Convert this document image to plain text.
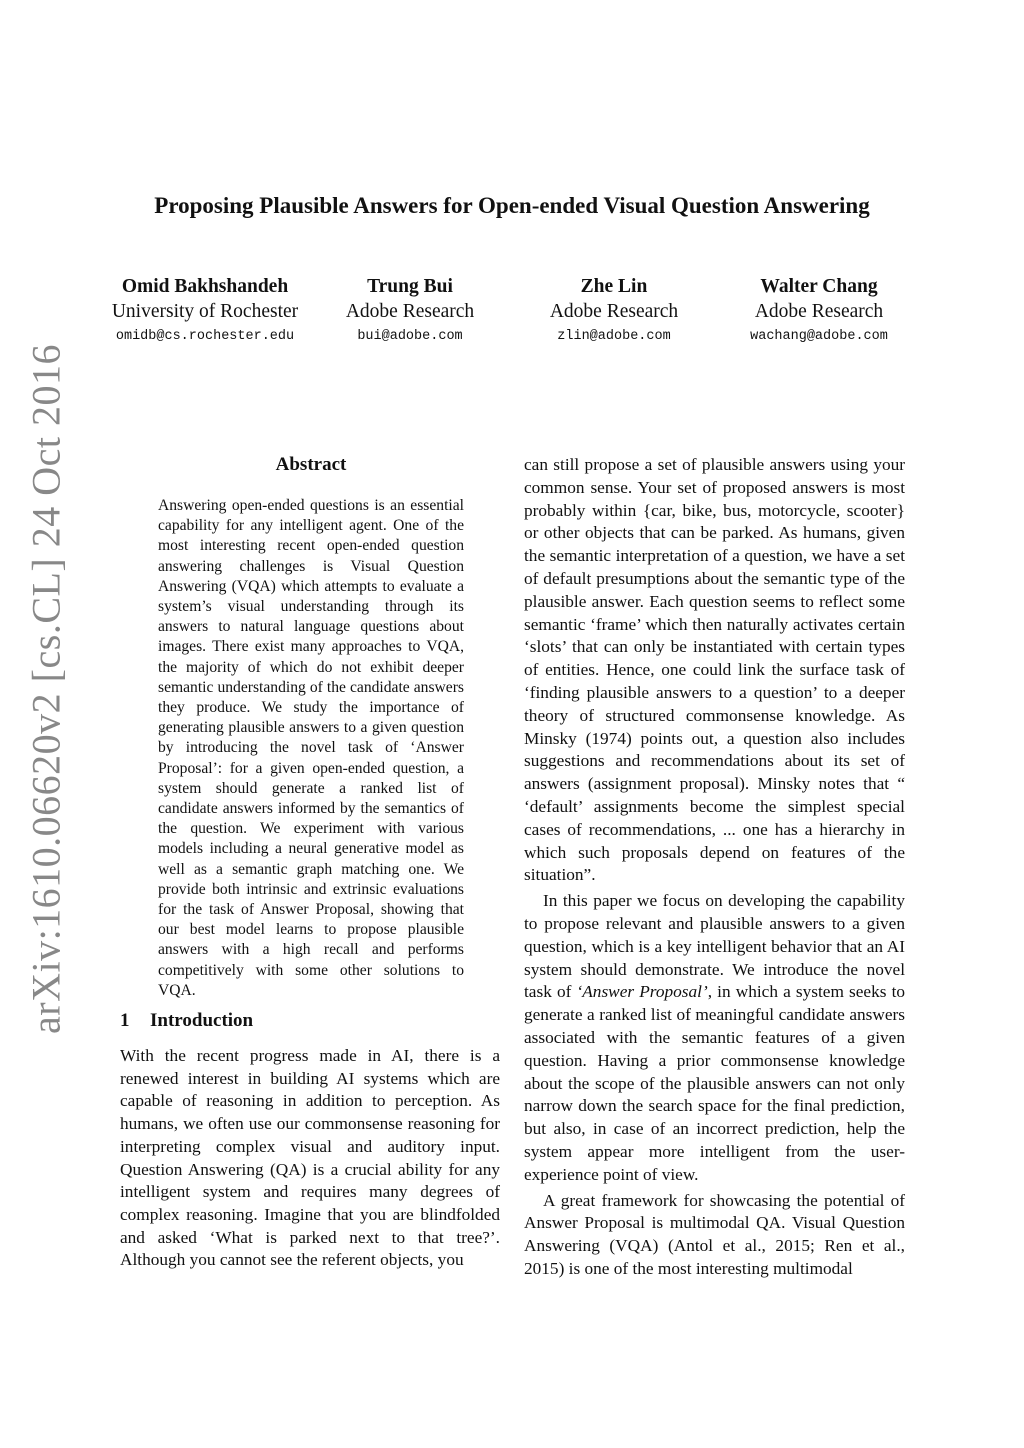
Proposing Plausible Answers for Open-ended Visual Question Answering
Omid Bakhshandeh
University of Rochester
omidb@cs.rochester.edu
Trung Bui
Adobe Research
bui@adobe.com
Zhe Lin
Adobe Research
zlin@adobe.com
Walter Chang
Adobe Research
wachang@adobe.com
arXiv:1610.06620v2 [cs.CL] 24 Oct 2016	Abstract

Answering open-ended questions is an essential capability for any intelligent agent. One of the most interesting recent open-ended question answering challenges is Visual Question Answering (VQA) which attempts to evaluate a system’s visual understanding through its answers to natural language questions about images. There exist many approaches to VQA, the majority of which do not exhibit deeper semantic understanding of the candidate answers they produce. We study the importance of generating plausible answers to a given question by introducing the novel task of ‘Answer Proposal’: for a given open-ended question, a system should generate a ranked list of candidate answers informed by the semantics of the question. We experiment with various models including a neural generative model as well as a semantic graph matching one. We provide both intrinsic and extrinsic evaluations for the task of Answer Proposal, showing that our best model learns to propose plausible answers with a high recall and performs competitively with some other solutions to VQA.

1 Introduction

With the recent progress made in AI, there is a renewed interest in building AI systems which are capable of reasoning in addition to perception. As humans, we often use our commonsense reasoning for interpreting complex visual and auditory input. Question Answering (QA) is a crucial ability for any intelligent system and requires many degrees of complex reasoning. Imagine that you are blindfolded and asked ‘What is parked next to that tree?’. Although you cannot see the referent objects, you

can still propose a set of plausible answers using your common sense. Your set of proposed answers is most probably within {car, bike, bus, motorcycle, scooter} or other objects that can be parked. As humans, given the semantic interpretation of a question, we have a set of default presumptions about the semantic type of the plausible answer. Each question seems to reflect some semantic ‘frame’ which then naturally activates certain ‘slots’ that can only be instantiated with certain types of entities. Hence, one could link the surface task of ‘finding plausible answers to a question’ to a deeper theory of structured commonsense knowledge. As Minsky (1974) points out, a question also includes suggestions and recommendations about its set of answers (assignment proposal). Minsky notes that “ ‘default’ assignments become the simplest special cases of recommendations, ... one has a hierarchy in which such proposals depend on features of the situation”.

In this paper we focus on developing the capability to propose relevant and plausible answers to a given question, which is a key intelligent behavior that an AI system should demonstrate. We introduce the novel task of ‘Answer Proposal’, in which a system seeks to generate a ranked list of meaningful candidate answers associated with the semantic features of a given question. Having a prior commonsense knowledge about the scope of the plausible answers can not only narrow down the search space for the final prediction, but also, in case of an incorrect prediction, help the system appear more intelligent from the user-experience point of view.

A great framework for showcasing the potential of Answer Proposal is multimodal QA. Visual Question Answering (VQA) (Antol et al., 2015; Ren et al., 2015) is one of the most interesting multimodal
